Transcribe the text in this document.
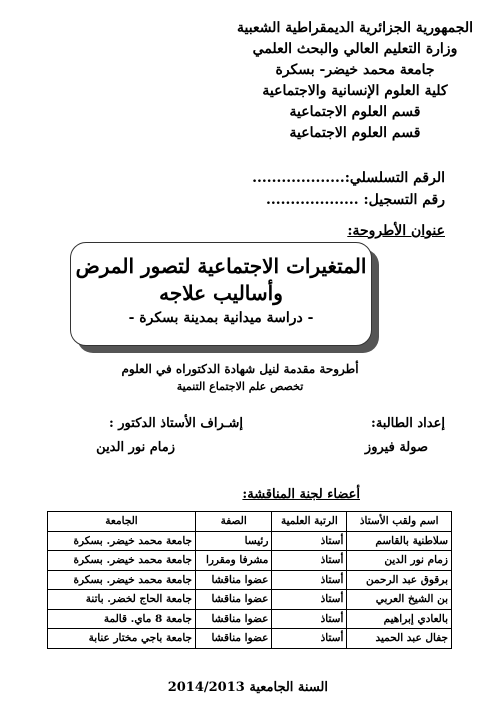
الجمهورية الجزائرية الديمقراطية الشعبية
وزارة التعليم العالي والبحث العلمي
جامعة محمد خيضر- بسكرة
كلية العلوم الإنسانية والاجتماعية
قسم العلوم الاجتماعية
قسم العلوم الاجتماعية
الرقم التسلسلي:...................
رقم التسجيل: ...................
عنوان الأطروحة:
المتغيرات الاجتماعية لتصور المرض
وأساليب علاجه
- دراسة ميدانية بمدينة بسكرة -
أطروحة مقدمة لنيل شهادة الدكتوراه في العلوم
تخصص علم الاجتماع التنمية
إعداد الطالبة:
صولة فيروز
إشـراف الأستاذ الدكتور :
زمام نور الدين
أعضاء لجنة المناقشة:
اسم ولقب الأستاذ	الرتبة العلمية	الصفة	الجامعة
سلاطنية بالقاسم	أستاذ	رئيسا	جامعة محمد خيضر. بسكرة
زمام نور الدين	أستاذ	مشرفا ومقررا	جامعة محمد خيضر. بسكرة
برقوق عبد الرحمن	أستاذ	عضوا مناقشا	جامعة محمد خيضر. بسكرة
بن الشيخ العربي	أستاذ	عضوا مناقشا	جامعة الحاج لخضر. باتنة
بالعادي إبراهيم	أستاذ	عضوا مناقشا	جامعة 8 ماي. قالمة
جفال عبد الحميد	أستاذ	عضوا مناقشا	جامعة باجي مختار عنابة
السنة الجامعية 2014/2013
